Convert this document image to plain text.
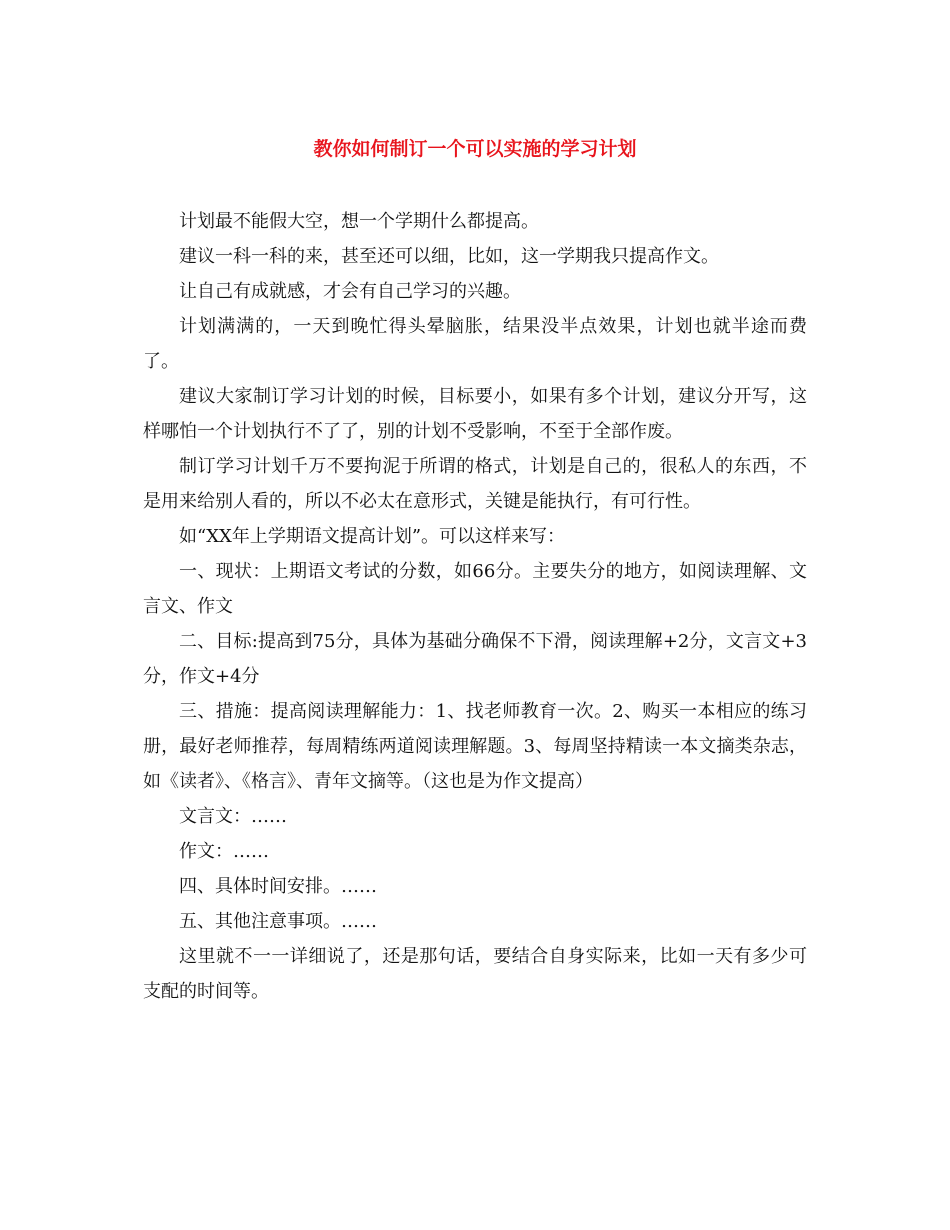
教你如何制订一个可以实施的学习计划

计划最不能假大空，想一个学期什么都提高。

建议一科一科的来，甚至还可以细，比如，这一学期我只提高作文。

让自己有成就感，才会有自己学习的兴趣。

计划满满的，一天到晚忙得头晕脑胀，结果没半点效果，计划也就半途而费了。

建议大家制订学习计划的时候，目标要小，如果有多个计划，建议分开写，这样哪怕一个计划执行不了了，别的计划不受影响，不至于全部作废。

制订学习计划千万不要拘泥于所谓的格式，计划是自己的，很私人的东西，不是用来给别人看的，所以不必太在意形式，关键是能执行，有可行性。

如“XX年上学期语文提高计划”。可以这样来写：

一、现状：上期语文考试的分数，如66分。主要失分的地方，如阅读理解、文言文、作文

二、目标:提高到75分，具体为基础分确保不下滑，阅读理解+2分，文言文+3分，作文+4分

三、措施：提高阅读理解能力：1、找老师教育一次。2、购买一本相应的练习册，最好老师推荐，每周精练两道阅读理解题。3、每周坚持精读一本文摘类杂志，如《读者》、《格言》、青年文摘等。（这也是为作文提高）

文言文：……

作文：……

四、具体时间安排。……

五、其他注意事项。……

这里就不一一详细说了，还是那句话，要结合自身实际来，比如一天有多少可支配的时间等。
